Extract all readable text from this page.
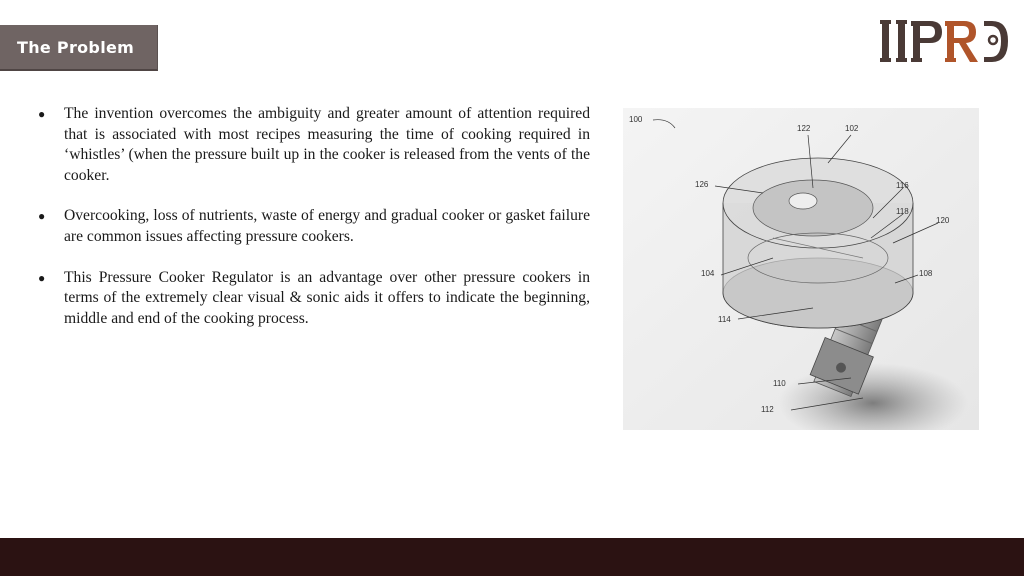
The Problem
● The invention overcomes the ambiguity and greater amount of attention required that is associated with most recipes measuring the time of cooking required in ‘whistles’ (when the pressure built up in the cooker is released from the vents of the cooker.
● Overcooking, loss of nutrients, waste of energy and gradual cooker or gasket failure are common issues affecting pressure cookers.
● This Pressure Cooker Regulator is an advantage over other pressure cookers in terms of the extremely clear visual & sonic aids it offers to indicate the beginning, middle and end of the cooking process.
100
122	102
126	116
118
120
104	108
114
110
112
